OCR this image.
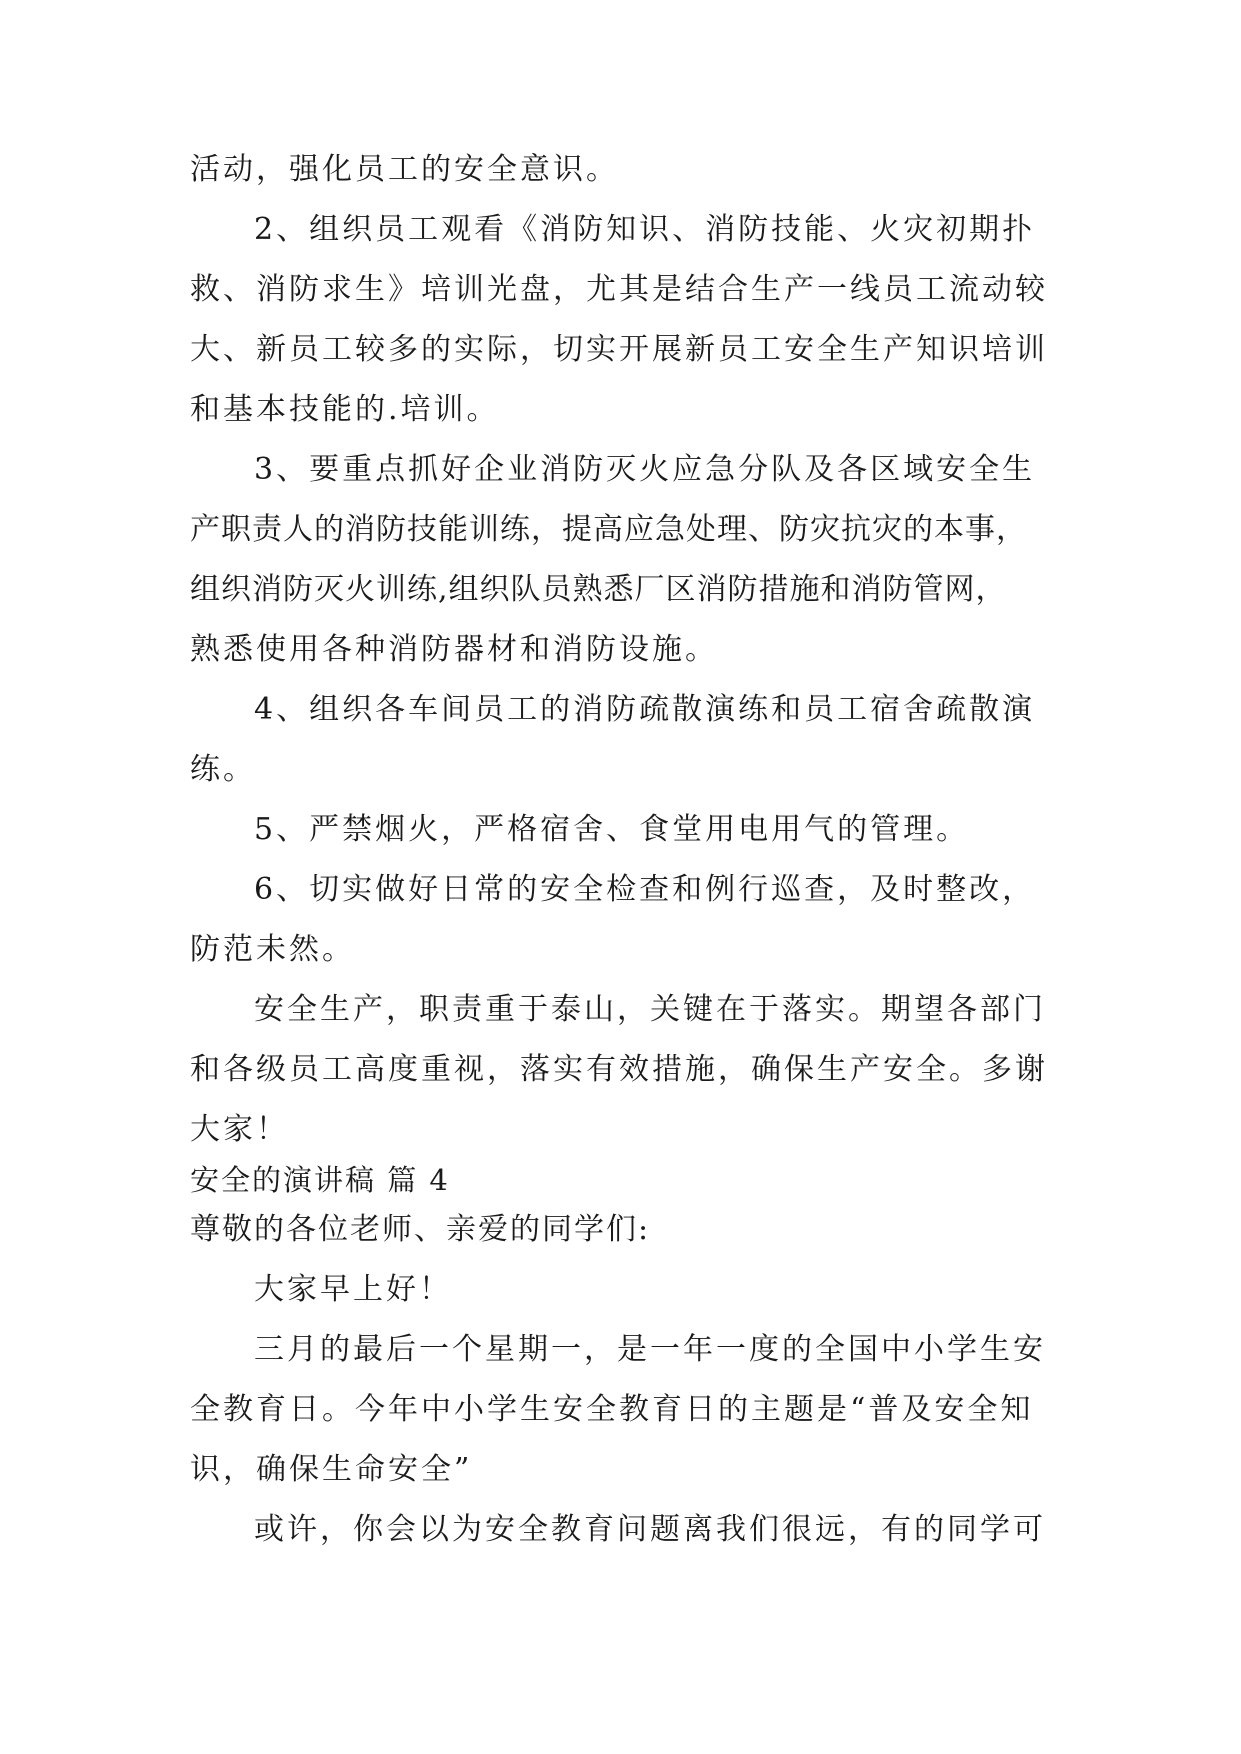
活动，强化员工的安全意识。
2、组织员工观看《消防知识、消防技能、火灾初期扑
救、消防求生》培训光盘，尤其是结合生产一线员工流动较
大、新员工较多的实际，切实开展新员工安全生产知识培训
和基本技能的.培训。
3、要重点抓好企业消防灭火应急分队及各区域安全生
产职责人的消防技能训练，提高应急处理、防灾抗灾的本事，
组织消防灭火训练,组织队员熟悉厂区消防措施和消防管网，
熟悉使用各种消防器材和消防设施。
4、组织各车间员工的消防疏散演练和员工宿舍疏散演
练。
5、严禁烟火，严格宿舍、食堂用电用气的管理。
6、切实做好日常的安全检查和例行巡查，及时整改，
防范未然。
安全生产，职责重于泰山，关键在于落实。期望各部门
和各级员工高度重视，落实有效措施，确保生产安全。多谢
大家！
安全的演讲稿 篇 4
尊敬的各位老师、亲爱的同学们:
大家早上好！
三月的最后一个星期一，是一年一度的全国中小学生安
全教育日。今年中小学生安全教育日的主题是“普及安全知
识，确保生命安全”
或许，你会以为安全教育问题离我们很远，有的同学可
